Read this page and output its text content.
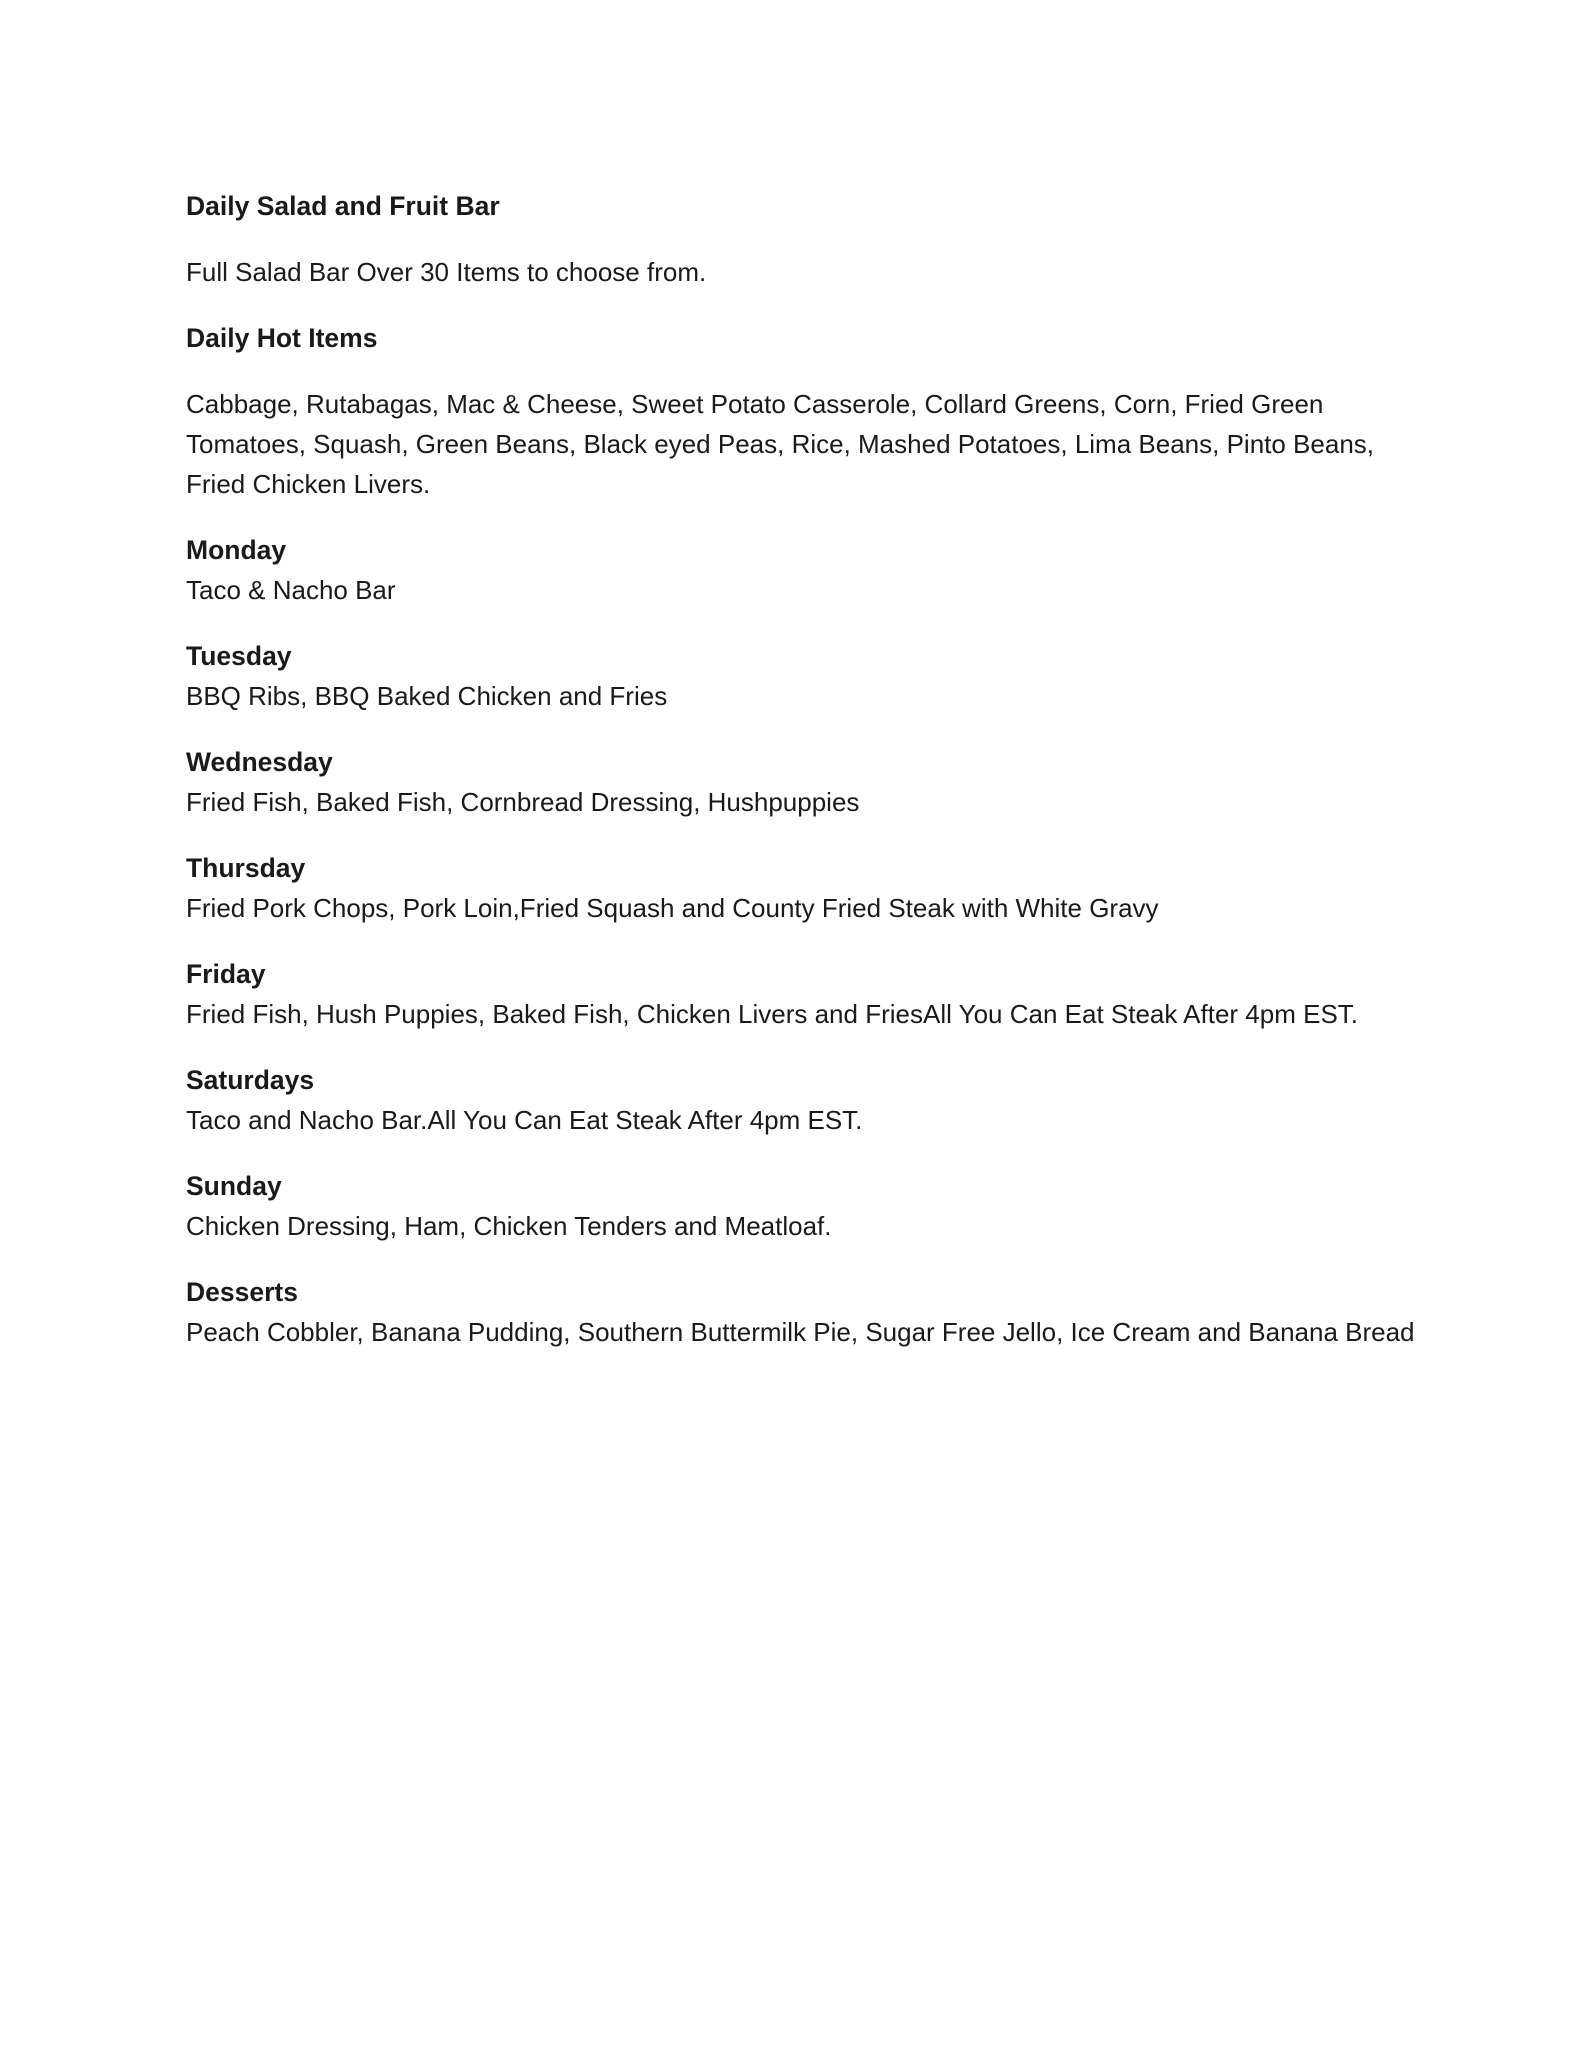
Daily Salad and Fruit Bar
Full Salad Bar Over 30 Items to choose from.
Daily Hot Items
Cabbage, Rutabagas, Mac & Cheese, Sweet Potato Casserole, Collard Greens, Corn, Fried Green Tomatoes, Squash, Green Beans, Black eyed Peas, Rice, Mashed Potatoes, Lima Beans, Pinto Beans, Fried Chicken Livers.
Monday
Taco & Nacho Bar
Tuesday
BBQ Ribs, BBQ Baked Chicken and Fries
Wednesday
Fried Fish, Baked Fish, Cornbread Dressing, Hushpuppies
Thursday
Fried Pork Chops, Pork Loin,Fried Squash and County Fried Steak with White Gravy
Friday
Fried Fish, Hush Puppies, Baked Fish, Chicken Livers and FriesAll You Can Eat Steak After 4pm EST.
Saturdays
Taco and Nacho Bar.All You Can Eat Steak After 4pm EST.
Sunday
Chicken Dressing, Ham, Chicken Tenders and Meatloaf.
Desserts
Peach Cobbler, Banana Pudding, Southern Buttermilk Pie, Sugar Free Jello, Ice Cream and Banana Bread
